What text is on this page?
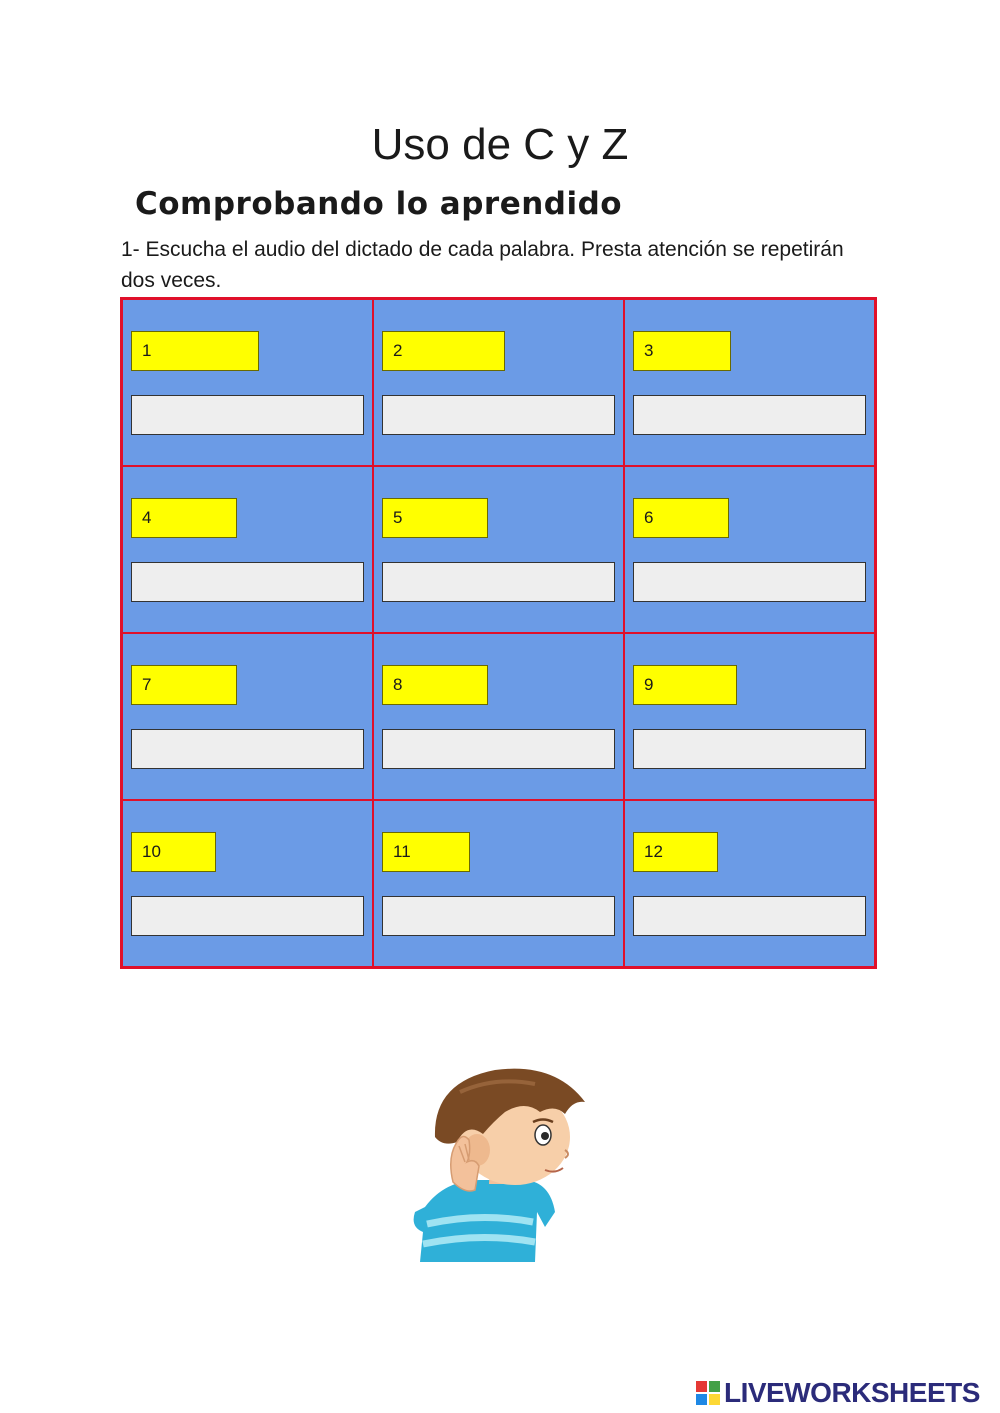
Uso de C y Z
Comprobando lo aprendido

1- Escucha el audio del dictado de cada palabra. Presta atención se repetirán dos veces.

1	2	3
4	5	6
7	8	9
10	11	12
LIVEWORKSHEETS
